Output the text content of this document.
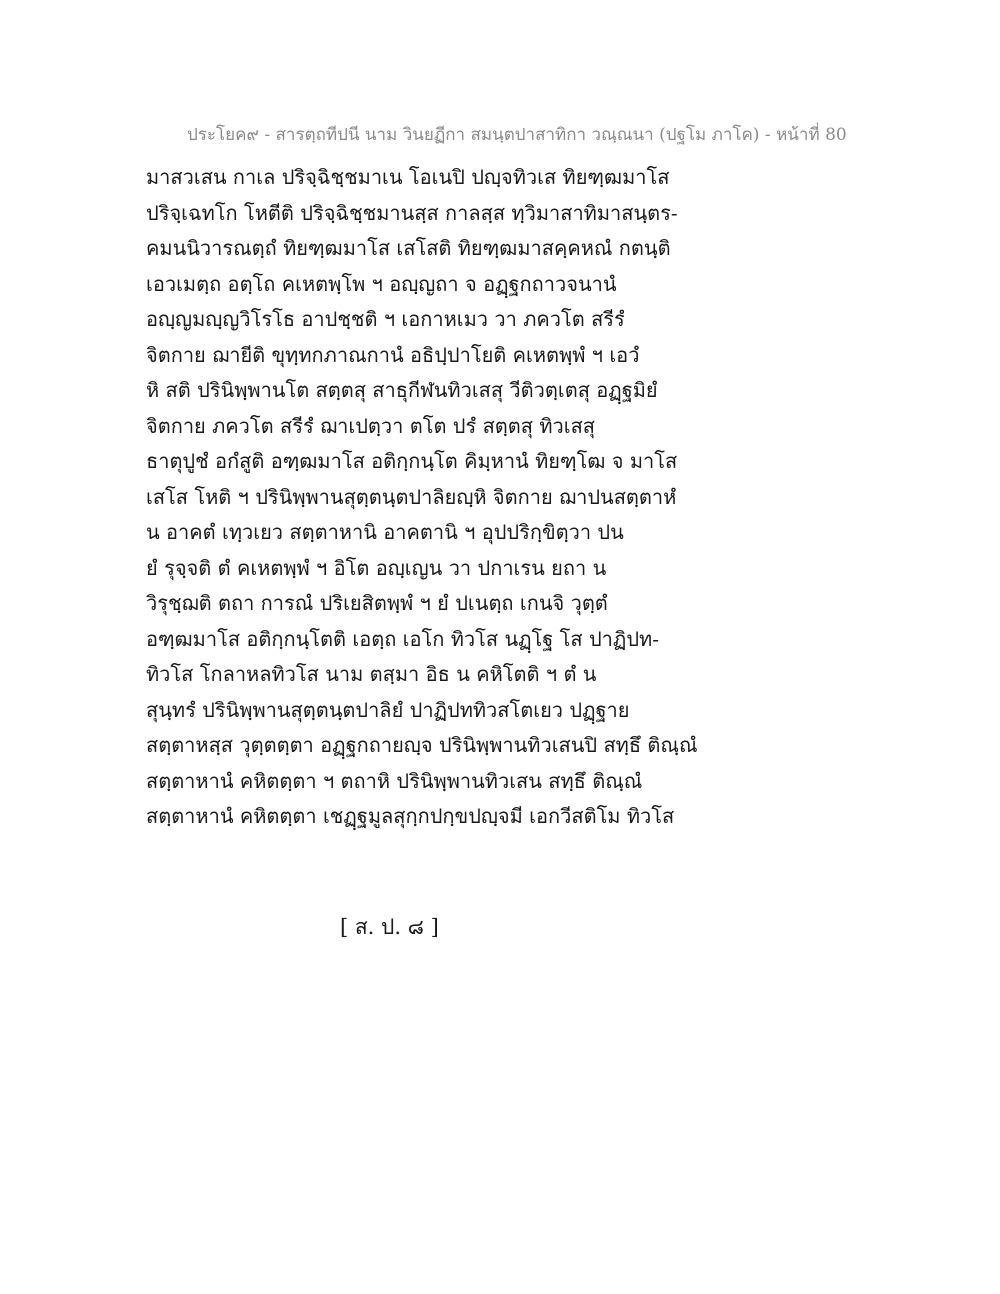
ประโยค๙ - สารตฺถทีปนี นาม วินยฏีกา สมนฺตปาสาทิกา วณฺณนา (ปฐโม ภาโค) - หน้าที่ 80
มาสวเสน กาเล ปริจฺฉิชฺชมาเน โอเนปิ ปญฺจทิวเส ทิยฑฺฒมาโส
ปริจฺเฉทโก โหตีติ ปริจฺฉิชฺชมานสฺส กาลสฺส ทฺวิมาสาทิมาสนฺตร-
คมนนิวารณตฺถํ ทิยฑฺฒมาโส เสโสติ ทิยฑฺฒมาสคฺคหณํ กตนฺติ
เอวเมตฺถ อตฺโถ คเหตพฺโพ ฯ อญฺญถา จ อฏฺฐกถาวจนานํ
อญฺญมญฺญวิโรโธ อาปชฺชติ ฯ เอกาหเมว วา ภควโต สรีรํ
จิตกาย ฌายีติ ขุทฺทกภาณกานํ อธิปฺปาโยติ คเหตพฺพํ ฯ เอวํ
หิ สติ ปรินิพฺพานโต สตฺตสุ สาธุกีฬนทิวเสสุ วีติวตฺเตสุ อฏฺฐมิยํ
จิตกาย ภควโต สรีรํ ฌาเปตฺวา ตโต ปรํ สตฺตสุ ทิวเสสุ
ธาตุปูชํ อกํสูติ อฑฺฒมาโส อติกฺกนฺโต คิมฺหานํ ทิยฑฺโฒ จ มาโส
เสโส โหติ ฯ ปรินิพฺพานสุตฺตนฺตปาลิยญฺหิ จิตกาย ฌาปนสตฺตาหํ
น อาคตํ เทฺวเยว สตฺตาหานิ อาคตานิ ฯ อุปปริกฺขิตฺวา ปน
ยํ รุจฺจติ ตํ คเหตพฺพํ ฯ อิโต อญฺเญน วา ปกาเรน ยถา น
วิรุชฺฌติ ตถา การณํ ปริเยสิตพฺพํ ฯ ยํ ปเนตฺถ เกนจิ วุตฺตํ
อฑฺฒมาโส อติกฺกนฺโตติ เอตฺถ เอโก ทิวโส นฏฺโฐ โส ปาฏิปท-
ทิวโส โกลาหลทิวโส นาม ตสฺมา อิธ น คหิโตติ ฯ ตํ น
สุนฺทรํ ปรินิพฺพานสุตฺตนฺตปาลิยํ ปาฏิปททิวสโตเยว ปฏฺฐาย
สตฺตาหสฺส วุตฺตตฺตา อฏฺฐกถายญฺจ ปรินิพฺพานทิวเสนปิ สทฺธึ ติณฺณํ
สตฺตาหานํ คหิตตฺตา ฯ ตถาหิ ปรินิพฺพานทิวเสน สทฺธึ ติณฺณํ
สตฺตาหานํ คหิตตฺตา เชฏฺฐมูลสุกฺกปกฺขปญฺจมี เอกวีสติโม ทิวโส
[ ส. ป. ๘ ]
